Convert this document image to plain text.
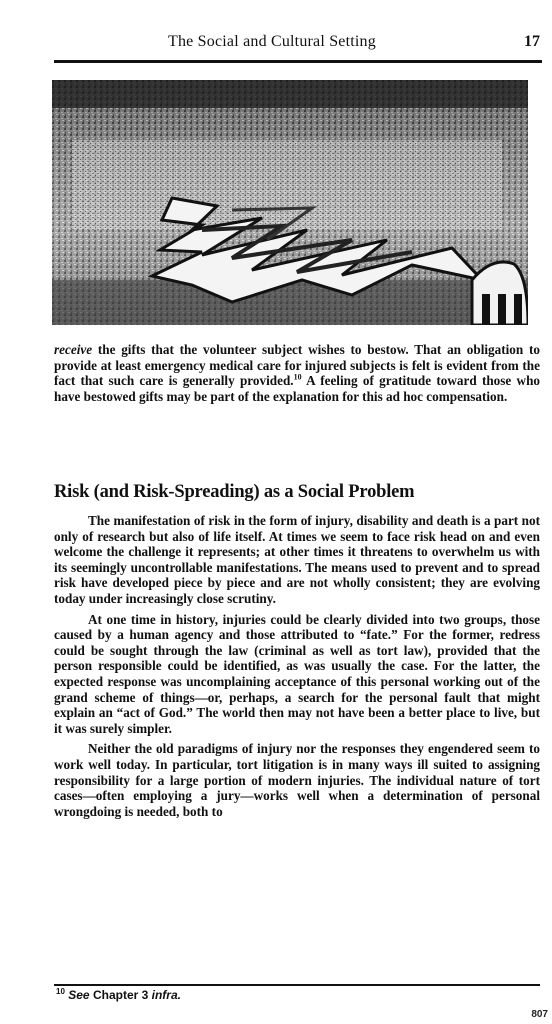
The Social and Cultural Setting	17

receive the gifts that the volunteer subject wishes to bestow. That an obligation to provide at least emergency medical care for injured subjects is felt is evident from the fact that such care is generally provided.$^{10}$ A feeling of gratitude toward those who have bestowed gifts may be part of the explanation for this ad hoc compensation.

Risk (and Risk-Spreading) as a Social Problem

The manifestation of risk in the form of injury, disability and death is a part not only of research but also of life itself. At times we seem to face risk head on and even welcome the challenge it represents; at other times it threatens to overwhelm us with its seemingly uncontrollable manifestations. The means used to prevent and to spread risk have developed piece by piece and are not wholly consistent; they are evolving today under increasingly close scrutiny.

At one time in history, injuries could be clearly divided into two groups, those caused by a human agency and those attributed to “fate.” For the former, redress could be sought through the law (criminal as well as tort law), provided that the person responsible could be identified, as was usually the case. For the latter, the expected response was uncomplaining acceptance of this personal working out of the grand scheme of things—or, perhaps, a search for the personal fault that might explain an “act of God.” The world then may not have been a better place to live, but it was surely simpler.

Neither the old paradigms of injury nor the responses they engendered seem to work well today. In particular, tort litigation is in many ways ill suited to assigning responsibility for a large portion of modern injuries. The individual nature of tort cases—often employing a jury—works well when a determination of personal wrongdoing is needed, both to

$^{10}$ See Chapter 3 infra.
807
